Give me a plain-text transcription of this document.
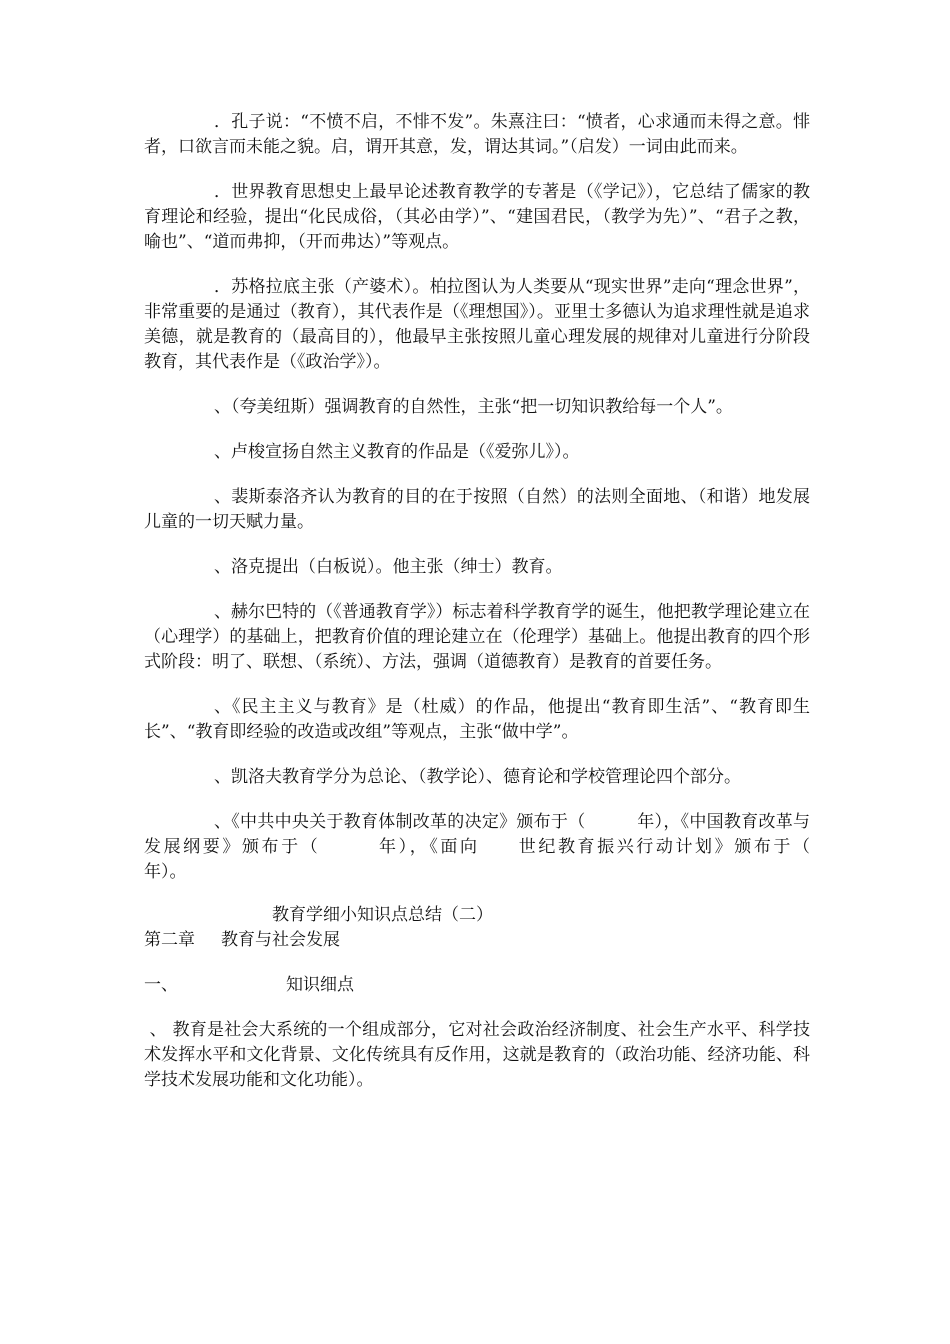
．孔子说：“不愤不启，不悱不发”。朱熹注曰：“愤者，心求通而未得之意。悱者，口欲言而未能之貌。启，谓开其意，发，谓达其词。”（启发）一词由此而来。

．世界教育思想史上最早论述教育教学的专著是（《学记》），它总结了儒家的教育理论和经验，提出“化民成俗，（其必由学）”、“建国君民，（教学为先）”、“君子之教，喻也”、“道而弗抑，（开而弗达）”等观点。

．苏格拉底主张（产婆术）。柏拉图认为人类要从“现实世界”走向“理念世界”，非常重要的是通过（教育），其代表作是（《理想国》）。亚里士多德认为追求理性就是追求美德，就是教育的（最高目的），他最早主张按照儿童心理发展的规律对儿童进行分阶段教育，其代表作是（《政治学》）。

、（夸美纽斯）强调教育的自然性，主张“把一切知识教给每一个人”。

、卢梭宣扬自然主义教育的作品是（《爱弥儿》）。

、裴斯泰洛齐认为教育的目的在于按照（自然）的法则全面地、（和谐）地发展儿童的一切天赋力量。

、洛克提出（白板说）。他主张（绅士）教育。

、赫尔巴特的（《普通教育学》）标志着科学教育学的诞生，他把教学理论建立在（心理学）的基础上，把教育价值的理论建立在（伦理学）基础上。他提出教育的四个形式阶段：明了、联想、（系统）、方法，强调（道德教育）是教育的首要任务。

、《民主主义与教育》是（杜威）的作品，他提出“教育即生活”、“教育即生长”、“教育即经验的改造或改组”等观点，主张“做中学”。

、凯洛夫教育学分为总论、（教学论）、德育论和学校管理论四个部分。

、《中共中央关于教育体制改革的决定》颁布于（　　　年），《中国教育改革与发展纲要》颁布于（　　　年），《面向　　世纪教育振兴行动计划》颁布于（　　　年）。

教育学细小知识点总结（二）

第二章 教育与社会发展

一、	知识细点

、 教育是社会大系统的一个组成部分，它对社会政治经济制度、社会生产水平、科学技术发挥水平和文化背景、文化传统具有反作用，这就是教育的（政治功能、经济功能、科学技术发展功能和文化功能）。
